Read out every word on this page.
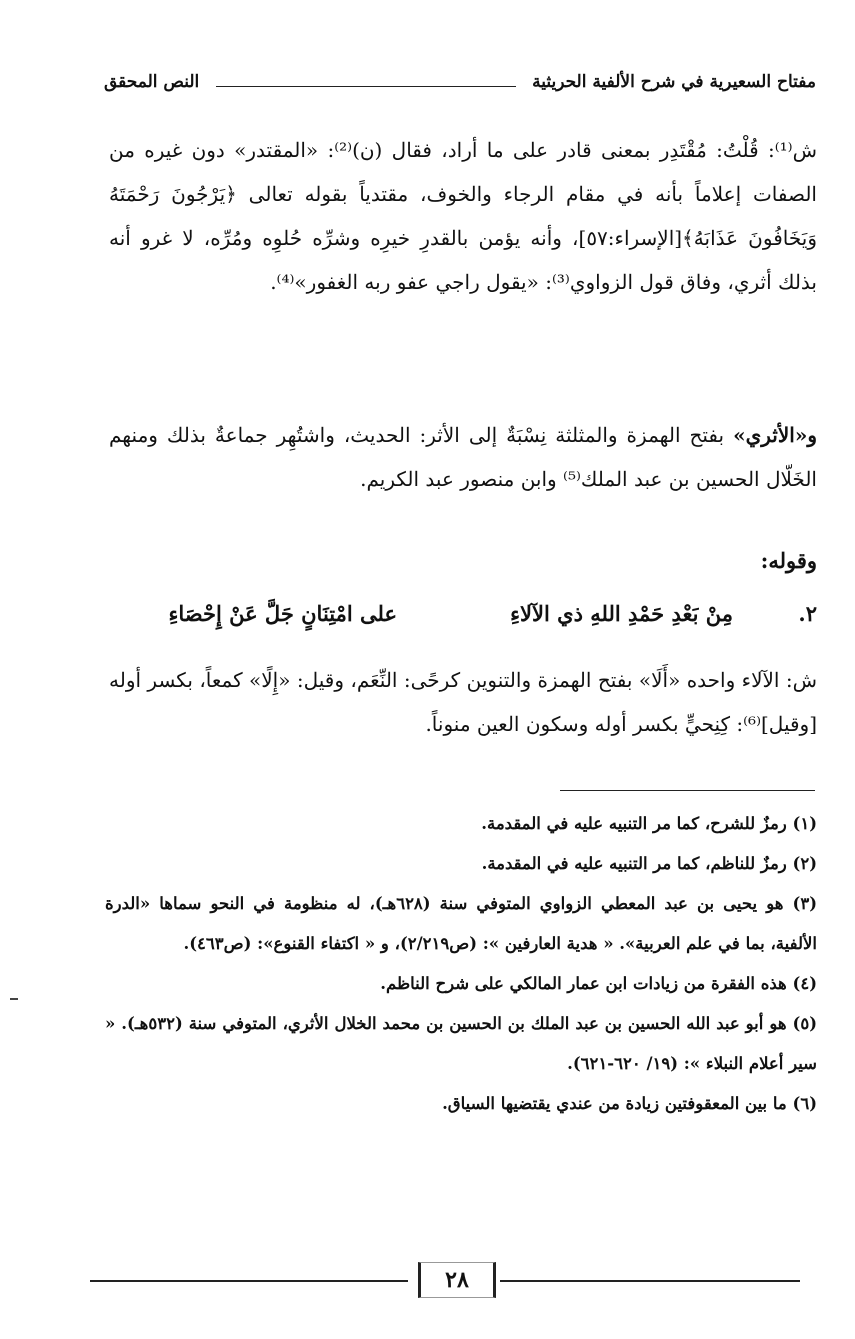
مفتاح السعيرية في شرح الألفية الحريثية
النص المحقق

ش⁽¹⁾: قُلْتُ: مُقْتَدِر بمعنى قادر على ما أراد، فقال (ن)⁽²⁾: «المقتدر» دون غيره من الصفات إعلاماً بأنه في مقام الرجاء والخوف، مقتدياً بقوله تعالى ﴿يَرْجُونَ رَحْمَتَهُ وَيَخَافُونَ عَذَابَهُ﴾[الإسراء:٥٧]، وأنه يؤمن بالقدرِ خيرِه وشرِّه حُلوِه ومُرِّه، لا غرو أنه بذلك أثري، وفاق قول الزواوي⁽³⁾: «يقول راجي عفو ربه الغفور»⁽⁴⁾.

و«الأثري» بفتح الهمزة والمثلثة نِسْبَةٌ إلى الأثر: الحديث، واشتُهِر جماعةٌ بذلك ومنهم الخَلّال الحسين بن عبد الملك⁽⁵⁾ وابن منصور عبد الكريم.

وقوله:
٢.
مِنْ بَعْدِ حَمْدِ اللهِ ذي الآلاءِ
على امْتِنَانٍ جَلَّ عَنْ إِحْصَاءِ

ش: الآلاء واحده «أَلَا» بفتح الهمزة والتنوين كرحًى: النِّعَم، وقيل: «إِلًا» كمعاً، بكسر أوله [وقيل]⁽⁶⁾: كِنِحيٍّ بكسر أوله وسكون العين منوناً.

(١) رمزٌ للشرح، كما مر التنبيه عليه في المقدمة.

(٢) رمزٌ للناظم، كما مر التنبيه عليه في المقدمة.

(٣) هو يحيى بن عبد المعطي الزواوي المتوفي سنة (٦٢٨هـ)، له منظومة في النحو سماها «الدرة الألفية، بما في علم العربية». « هدية العارفين »: (ص٢/٢١٩)، و « اكتفاء القنوع»: (ص٤٦٣).

(٤) هذه الفقرة من زيادات ابن عمار المالكي على شرح الناظم.

(٥) هو أبو عبد الله الحسين بن عبد الملك بن الحسين بن محمد الخلال الأثري، المتوفي سنة (٥٣٢هـ). « سير أعلام النبلاء »: (١٩/ ٦٢٠-٦٢١).

(٦) ما بين المعقوفتين زيادة من عندي يقتضيها السياق.

٢٨
